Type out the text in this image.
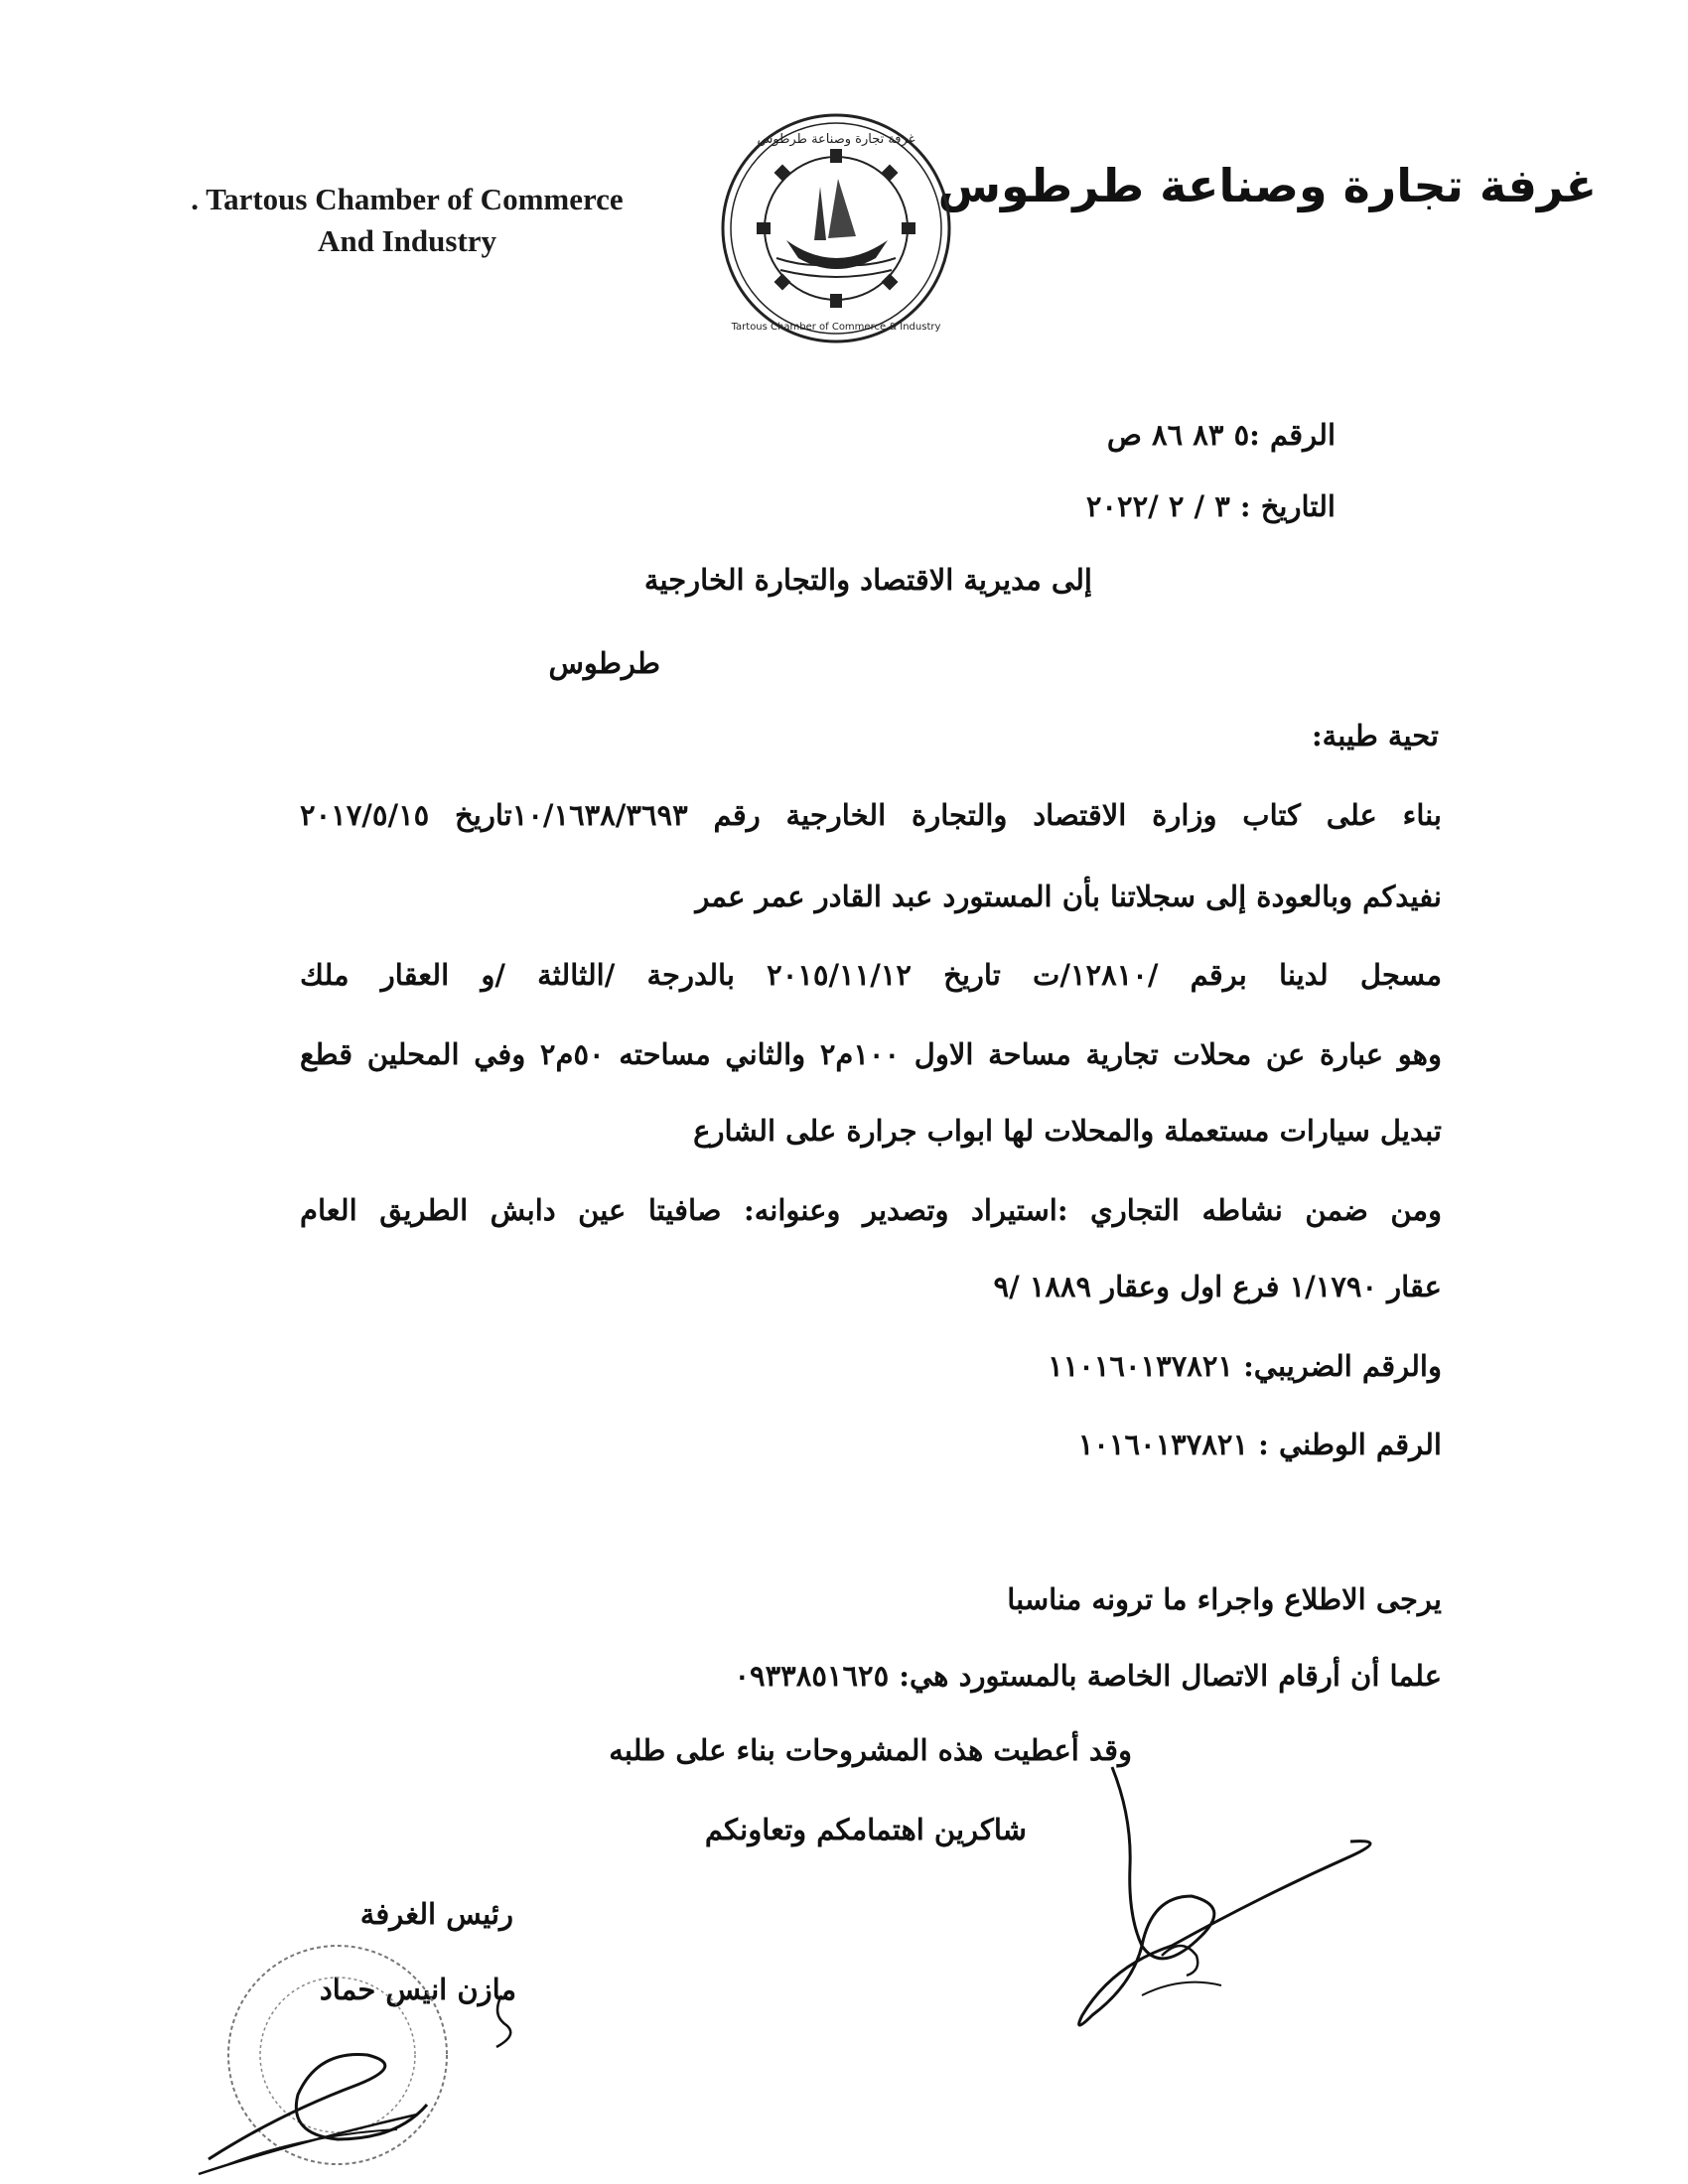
. Tartous Chamber of Commerce
And Industry
غرفة تجارة وصناعة طرطوس
غرفة تجارة وصناعة طرطوس
Tartous Chamber of Commerce & Industry
الرقم :٥ ٨٣ ٨٦ ص
التاريخ : ٣ / ٢ /٢٠٢٢
إلى مديرية الاقتصاد والتجارة الخارجية
طرطوس
تحية طيبة:
بناء على كتاب وزارة الاقتصاد والتجارة الخارجية رقم ١٠/١٦٣٨/٣٦٩٣تاريخ ٢٠١٧/٥/١٥
نفيدكم وبالعودة إلى سجلاتنا بأن المستورد عبد القادر عمر عمر
مسجل لدينا برقم /١٢٨١٠/ت تاريخ ٢٠١٥/١١/١٢ بالدرجة /الثالثة /و العقار ملك
وهو عبارة عن محلات تجارية مساحة الاول ١٠٠م٢ والثاني مساحته ٥٠م٢ وفي المحلين قطع
تبديل سيارات مستعملة والمحلات لها ابواب جرارة على الشارع
ومن ضمن نشاطه التجاري :استيراد وتصدير وعنوانه: صافيتا عين دابش الطريق العام
عقار ١/١٧٩٠ فرع اول وعقار ١٨٨٩ /٩
والرقم الضريبي: ١١٠١٦٠١٣٧٨٢١
الرقم الوطني : ١٠١٦٠١٣٧٨٢١
يرجى الاطلاع واجراء ما ترونه مناسبا
علما أن أرقام الاتصال الخاصة بالمستورد هي: ٠٩٣٣٨٥١٦٢٥
وقد أعطيت هذه المشروحات بناء على طلبه
شاكرين اهتمامكم وتعاونكم
رئيس الغرفة
مازن انيس حماد
